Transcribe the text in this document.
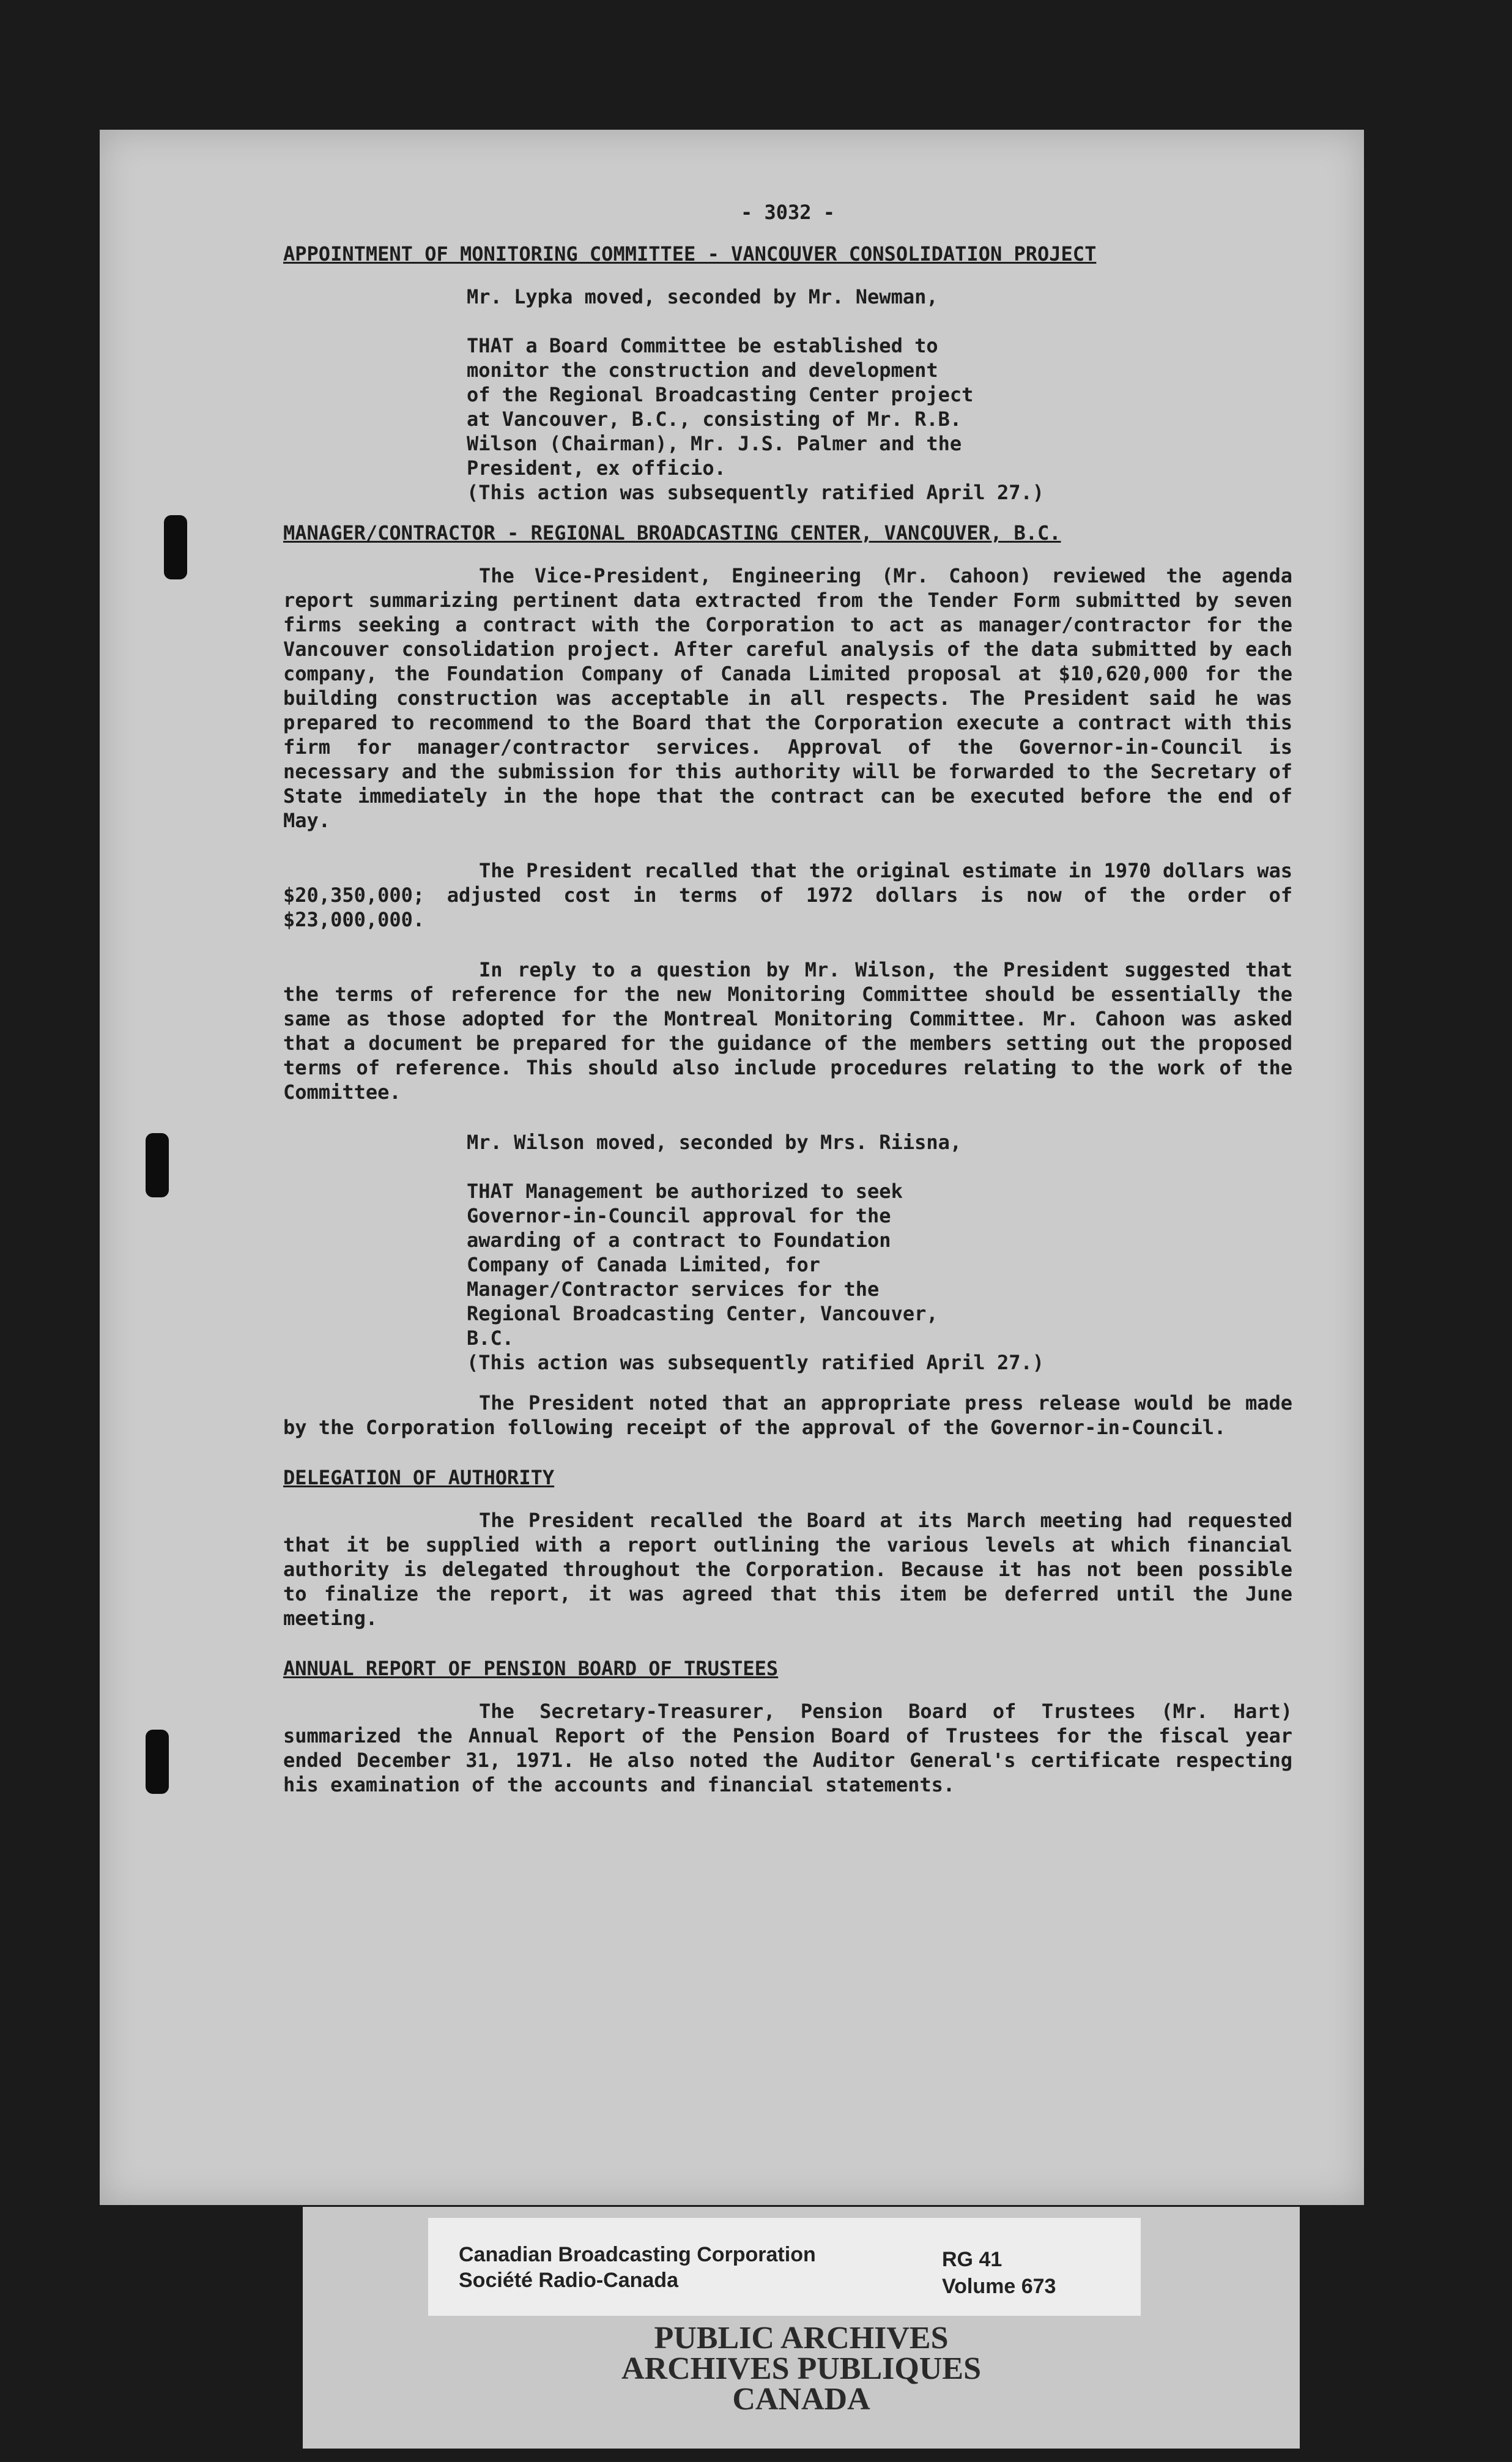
- 3032 -
APPOINTMENT OF MONITORING COMMITTEE - VANCOUVER CONSOLIDATION PROJECT

Mr. Lypka moved, seconded by Mr. Newman,

THAT a Board Committee be established to
monitor the construction and development
of the Regional Broadcasting Center project
at Vancouver, B.C., consisting of Mr. R.B.
Wilson (Chairman), Mr. J.S. Palmer and the
President, ex officio.
(This action was subsequently ratified April 27.)
MANAGER/CONTRACTOR - REGIONAL BROADCASTING CENTER, VANCOUVER, B.C.

The Vice-President, Engineering (Mr. Cahoon) reviewed the agenda report summarizing pertinent data extracted from the Tender Form submitted by seven firms seeking a contract with the Corporation to act as manager/contractor for the Vancouver consolidation project. After careful analysis of the data submitted by each company, the Foundation Company of Canada Limited proposal at $10,620,000 for the building construction was acceptable in all respects. The President said he was prepared to recommend to the Board that the Corporation execute a contract with this firm for manager/contractor services. Approval of the Governor-in-Council is necessary and the submission for this authority will be forwarded to the Secretary of State immediately in the hope that the contract can be executed before the end of May.

The President recalled that the original estimate in 1970 dollars was $20,350,000; adjusted cost in terms of 1972 dollars is now of the order of $23,000,000.

In reply to a question by Mr. Wilson, the President suggested that the terms of reference for the new Monitoring Committee should be essentially the same as those adopted for the Montreal Monitoring Committee. Mr. Cahoon was asked that a document be prepared for the guidance of the members setting out the proposed terms of reference. This should also include procedures relating to the work of the Committee.

Mr. Wilson moved, seconded by Mrs. Riisna,

THAT Management be authorized to seek
Governor-in-Council approval for the
awarding of a contract to Foundation
Company of Canada Limited, for
Manager/Contractor services for the
Regional Broadcasting Center, Vancouver,
B.C.
(This action was subsequently ratified April 27.)

The President noted that an appropriate press release would be made by the Corporation following receipt of the approval of the Governor-in-Council.

DELEGATION OF AUTHORITY

The President recalled the Board at its March meeting had requested that it be supplied with a report outlining the various levels at which financial authority is delegated throughout the Corporation. Because it has not been possible to finalize the report, it was agreed that this item be deferred until the June meeting.

ANNUAL REPORT OF PENSION BOARD OF TRUSTEES

The Secretary-Treasurer, Pension Board of Trustees (Mr. Hart) summarized the Annual Report of the Pension Board of Trustees for the fiscal year ended December 31, 1971. He also noted the Auditor General's certificate respecting his examination of the accounts and financial statements.

Canadian Broadcasting Corporation
Société Radio-Canada
RG 41
Volume 673
PUBLIC ARCHIVES
ARCHIVES PUBLIQUES
CANADA
